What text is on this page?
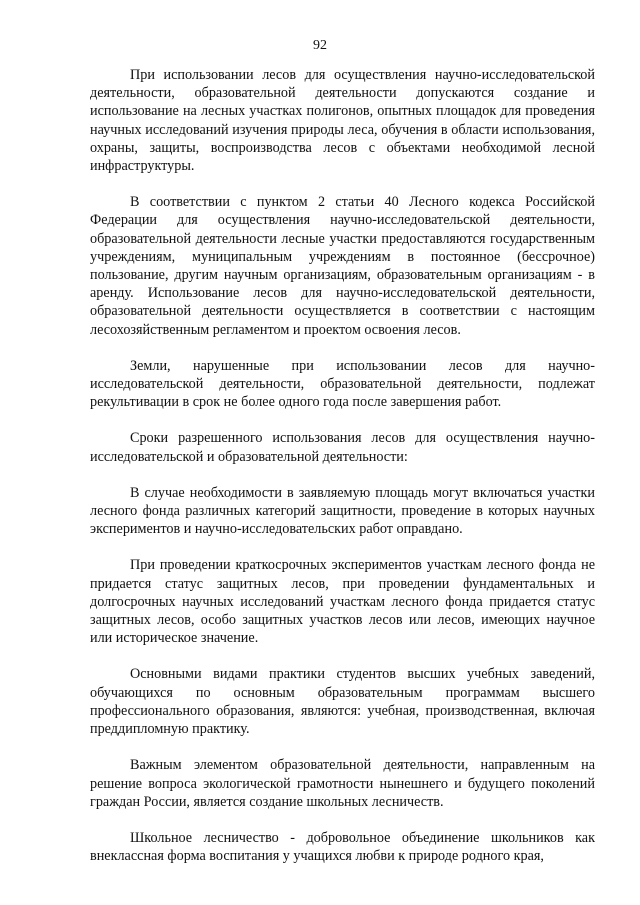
92

При использовании лесов для осуществления научно-исследовательской деятельности, образовательной деятельности допускаются создание и использование на лесных участках полигонов, опытных площадок для проведения научных исследований изучения природы леса, обучения в области использования, охраны, защиты, воспроизводства лесов с объектами необходимой лесной инфраструктуры.

В соответствии с пунктом 2 статьи 40 Лесного кодекса Российской Федерации для осуществления научно-исследовательской деятельности, образовательной деятельности лесные участки предоставляются государственным учреждениям, муниципальным учреждениям в постоянное (бессрочное) пользование, другим научным организациям, образовательным организациям - в аренду. Использование лесов для научно-исследовательской деятельности, образовательной деятельности осуществляется в соответствии с настоящим лесохозяйственным регламентом и проектом освоения лесов.

Земли, нарушенные при использовании лесов для научно-исследовательской деятельности, образовательной деятельности, подлежат рекультивации в срок не более одного года после завершения работ.

Сроки разрешенного использования лесов для осуществления научно-исследовательской и образовательной деятельности:

В случае необходимости в заявляемую площадь могут включаться участки лесного фонда различных категорий защитности, проведение в которых научных экспериментов и научно-исследовательских работ оправдано.

При проведении краткосрочных экспериментов участкам лесного фонда не придается статус защитных лесов, при проведении фундаментальных и долгосрочных научных исследований участкам лесного фонда придается статус защитных лесов, особо защитных участков лесов или лесов, имеющих научное или историческое значение.

Основными видами практики студентов высших учебных заведений, обучающихся по основным образовательным программам высшего профессионального образования, являются: учебная, производственная, включая преддипломную практику.

Важным элементом образовательной деятельности, направленным на решение вопроса экологической грамотности нынешнего и будущего поколений граждан России, является создание школьных лесничеств.

Школьное лесничество - добровольное объединение школьников как внеклассная форма воспитания у учащихся любви к природе родного края,
